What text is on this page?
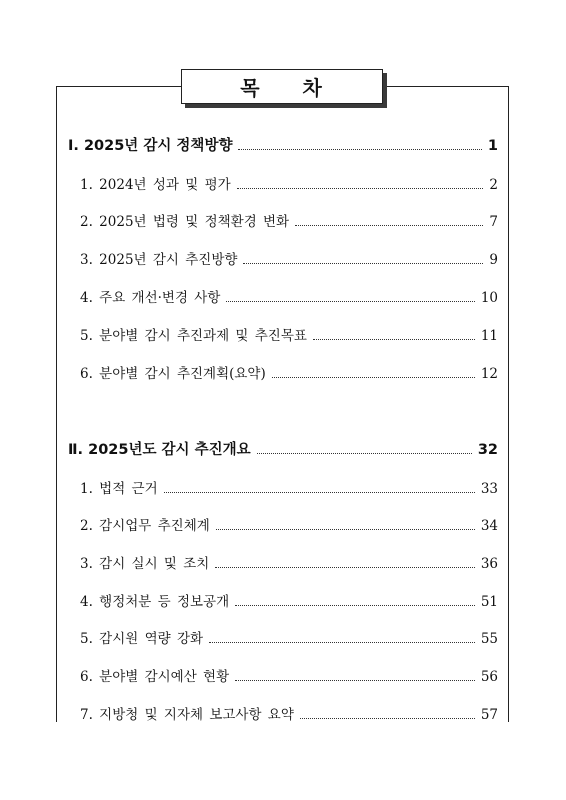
목 차
Ⅰ. 2025년 감시 정책방향	1
1. 2024년 성과 및 평가	2
2. 2025년 법령 및 정책환경 변화	7
3. 2025년 감시 추진방향	9
4. 주요 개선·변경 사항	10
5. 분야별 감시 추진과제 및 추진목표	11
6. 분야별 감시 추진계획(요약)	12
Ⅱ. 2025년도 감시 추진개요	32
1. 법적 근거	33
2. 감시업무 추진체계	34
3. 감시 실시 및 조치	36
4. 행정처분 등 정보공개	51
5. 감시원 역량 강화	55
6. 분야별 감시예산 현황	56
7. 지방청 및 지자체 보고사항 요약	57
